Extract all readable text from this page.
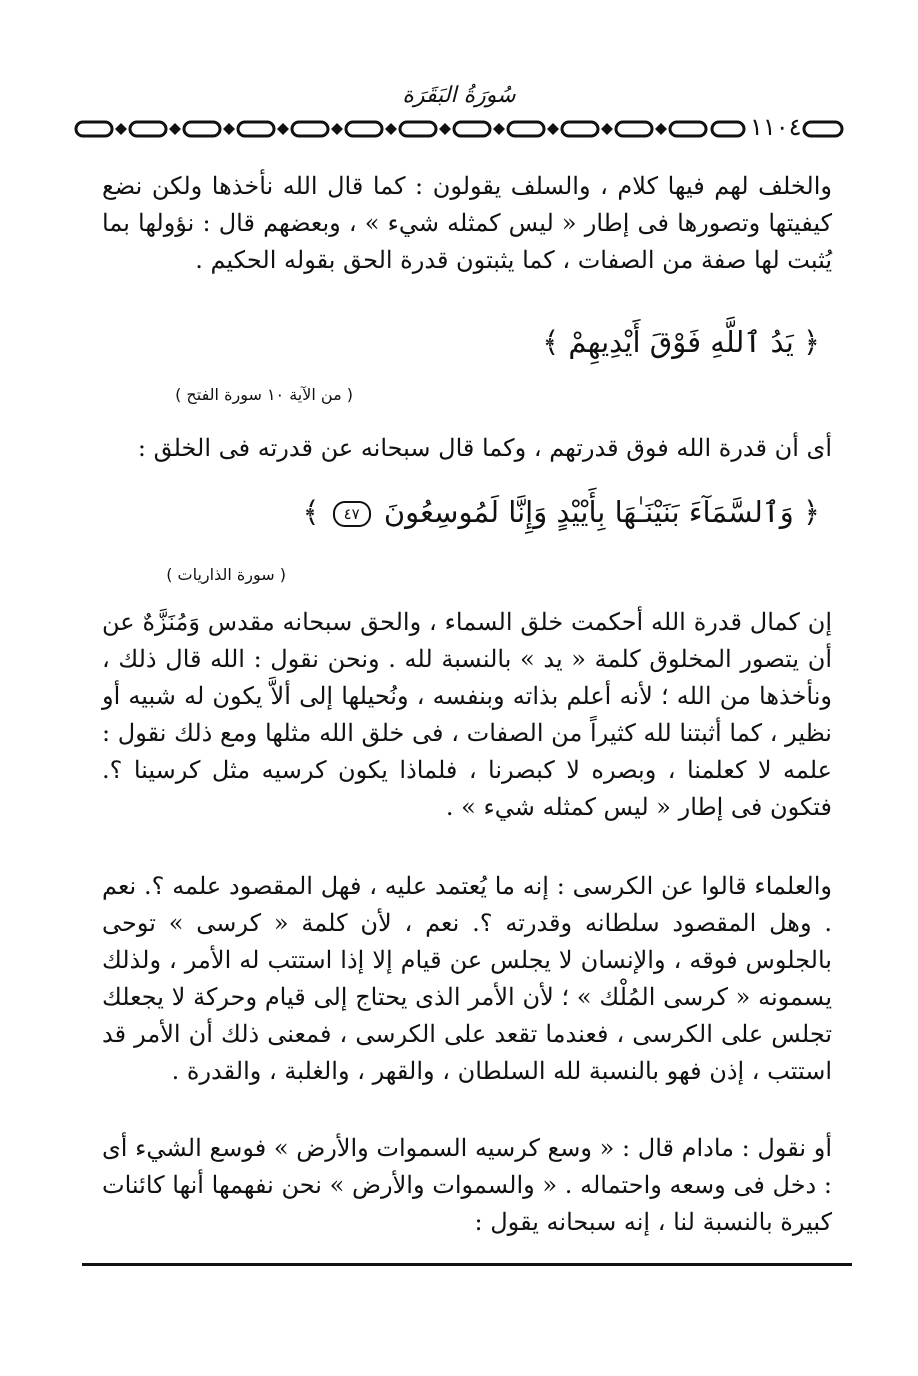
سُورَةُ البَقَرَة
١١٠٤

والخلف لهم فيها كلام ، والسلف يقولون : كما قال الله نأخذها ولكن نضع كيفيتها وتصورها فى إطار « ليس كمثله شيء » ، وبعضهم قال : نؤولها بما يُثبت لها صفة من الصفات ، كما يثبتون قدرة الحق بقوله الحكيم .

﴿ يَدُ ٱللَّهِ فَوْقَ أَيْدِيهِمْ ﴾
( من الآية ١٠ سورة الفتح )

أى أن قدرة الله فوق قدرتهم ، وكما قال سبحانه عن قدرته فى الخلق :

﴿ وَٱلسَّمَآءَ بَنَيْنَـٰهَا بِأَيْيْدٍ وَإِنَّا لَمُوسِعُونَ ٤٧ ﴾
( سورة الذاريات )

إن كمال قدرة الله أحكمت خلق السماء ، والحق سبحانه مقدس وَمُنَزَّهٌ عن أن يتصور المخلوق كلمة « يد » بالنسبة لله . ونحن نقول : الله قال ذلك ، ونأخذها من الله ؛ لأنه أعلم بذاته وبنفسه ، ونُحيلها إلى ألاَّ يكون له شبيه أو نظير ، كما أثبتنا لله كثيراً من الصفات ، فى خلق الله مثلها ومع ذلك نقول : علمه لا كعلمنا ، وبصره لا كبصرنا ، فلماذا يكون كرسيه مثل كرسينا ؟. فتكون فى إطار « ليس كمثله شيء » .

والعلماء قالوا عن الكرسى : إنه ما يُعتمد عليه ، فهل المقصود علمه ؟. نعم . وهل المقصود سلطانه وقدرته ؟. نعم ، لأن كلمة « كرسى » توحى بالجلوس فوقه ، والإنسان لا يجلس عن قيام إلا إذا استتب له الأمر ، ولذلك يسمونه « كرسى المُلْك » ؛ لأن الأمر الذى يحتاج إلى قيام وحركة لا يجعلك تجلس على الكرسى ، فعندما تقعد على الكرسى ، فمعنى ذلك أن الأمر قد استتب ، إذن فهو بالنسبة لله السلطان ، والقهر ، والغلبة ، والقدرة .

أو نقول : مادام قال : « وسع كرسيه السموات والأرض » فوسع الشيء أى : دخل فى وسعه واحتماله . « والسموات والأرض » نحن نفهمها أنها كائنات كبيرة بالنسبة لنا ، إنه سبحانه يقول :
